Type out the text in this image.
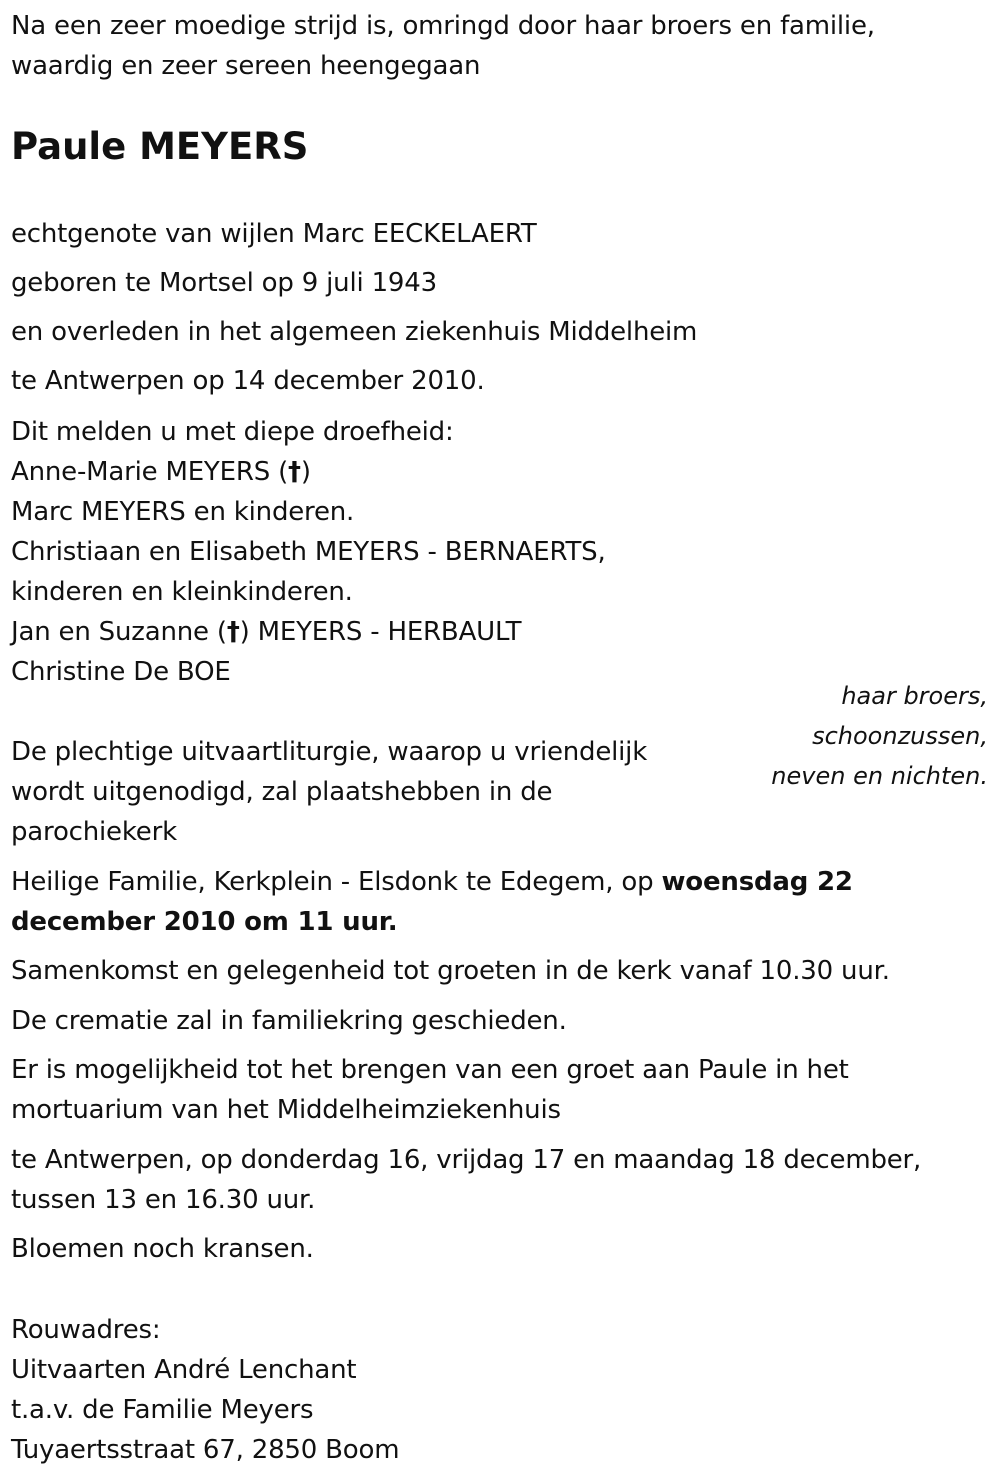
Na een zeer moedige strijd is, omringd door haar broers en familie,
waardig en zeer sereen heengegaan
Paule MEYERS
echtgenote van wijlen Marc EECKELAERT
geboren te Mortsel op 9 juli 1943
en overleden in het algemeen ziekenhuis Middelheim
te Antwerpen op 14 december 2010.
Dit melden u met diepe droefheid:
Anne-Marie MEYERS (†)
Marc MEYERS en kinderen.
Christiaan en Elisabeth MEYERS - BERNAERTS,
kinderen en kleinkinderen.
Jan en Suzanne (†) MEYERS - HERBAULT
Christine De BOE
haar broers,
schoonzussen,
neven en nichten.
De plechtige uitvaartliturgie, waarop u vriendelijk
wordt uitgenodigd, zal plaatshebben in de
parochiekerk
Heilige Familie, Kerkplein - Elsdonk te Edegem, op woensdag 22
december 2010 om 11 uur.
Samenkomst en gelegenheid tot groeten in de kerk vanaf 10.30 uur.
De crematie zal in familiekring geschieden.
Er is mogelijkheid tot het brengen van een groet aan Paule in het
mortuarium van het Middelheimziekenhuis
te Antwerpen, op donderdag 16, vrijdag 17 en maandag 18 december,
tussen 13 en 16.30 uur.
Bloemen noch kransen.
Rouwadres:
Uitvaarten André Lenchant
t.a.v. de Familie Meyers
Tuyaertsstraat 67, 2850 Boom
